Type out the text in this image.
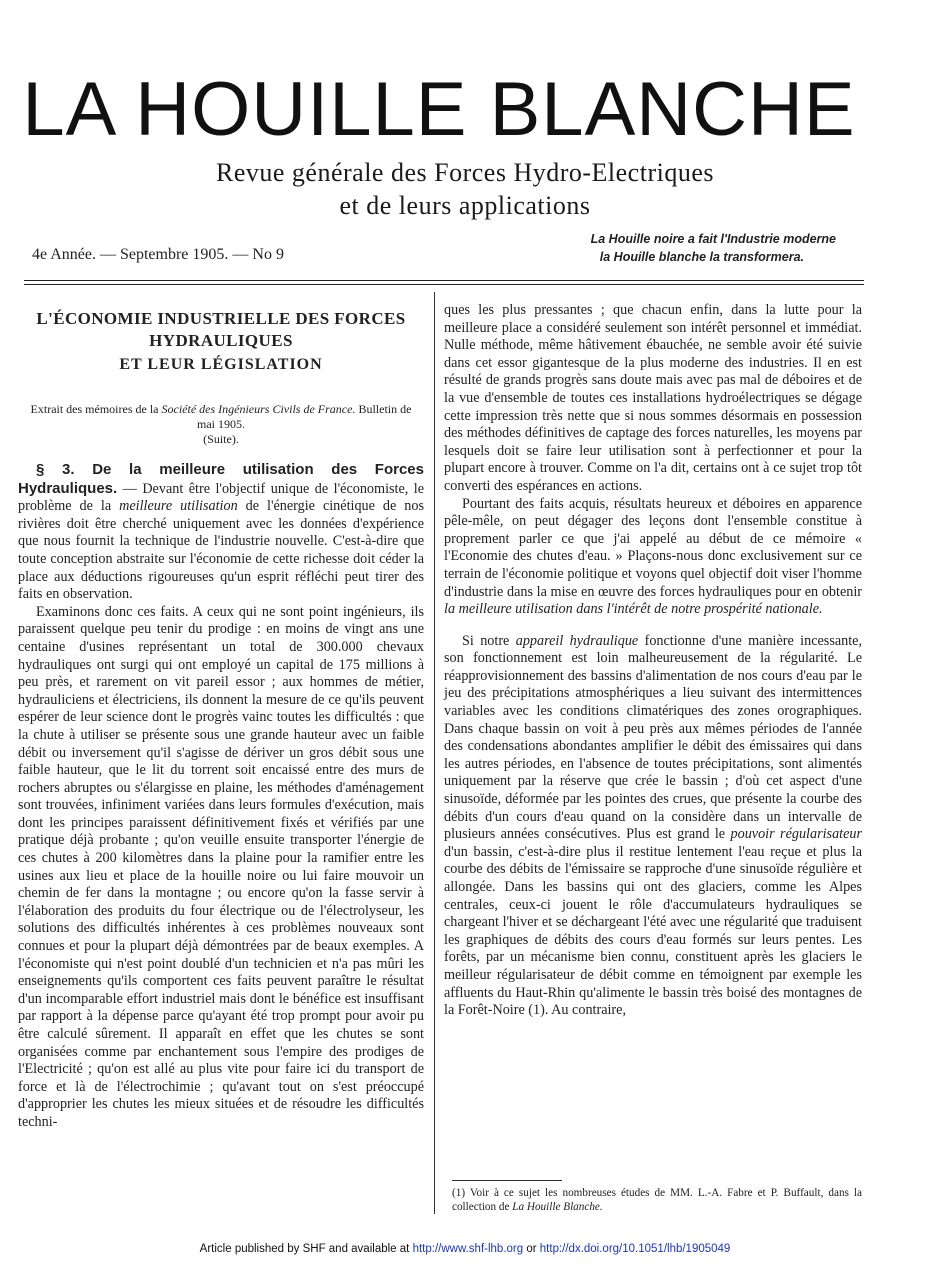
LA HOUILLE BLANCHE
Revue générale des Forces Hydro-Electriques
et de leurs applications
4e Année. — Septembre 1905. — No 9
La Houille noire a fait l'Industrie moderne
la Houille blanche la transformera.
L'ÉCONOMIE INDUSTRIELLE DES FORCES HYDRAULIQUES
ET LEUR LÉGISLATION

Extrait des mémoires de la Société des Ingénieurs Civils de France. Bulletin de mai 1905.

(Suite).

§ 3. De la meilleure utilisation des Forces Hydrauliques. — Devant être l'objectif unique de l'économiste, le problème de la meilleure utilisation de l'énergie cinétique de nos rivières doit être cherché uniquement avec les données d'expérience que nous fournit la technique de l'industrie nouvelle. C'est-à-dire que toute conception abstraite sur l'économie de cette richesse doit céder la place aux déductions rigoureuses qu'un esprit réfléchi peut tirer des faits en observation.

Examinons donc ces faits. A ceux qui ne sont point ingénieurs, ils paraissent quelque peu tenir du prodige : en moins de vingt ans une centaine d'usines représentant un total de 300.000 chevaux hydrauliques ont surgi qui ont employé un capital de 175 millions à peu près, et rarement on vit pareil essor ; aux hommes de métier, hydrauliciens et électriciens, ils donnent la mesure de ce qu'ils peuvent espérer de leur science dont le progrès vainc toutes les difficultés : que la chute à utiliser se présente sous une grande hauteur avec un faible débit ou inversement qu'il s'agisse de dériver un gros débit sous une faible hauteur, que le lit du torrent soit encaissé entre des murs de rochers abruptes ou s'élargisse en plaine, les méthodes d'aménagement sont trouvées, infiniment variées dans leurs formules d'exécution, mais dont les principes paraissent définitivement fixés et vérifiés par une pratique déjà probante ; qu'on veuille ensuite transporter l'énergie de ces chutes à 200 kilomètres dans la plaine pour la ramifier entre les usines aux lieu et place de la houille noire ou lui faire mouvoir un chemin de fer dans la montagne ; ou encore qu'on la fasse servir à l'élaboration des produits du four électrique ou de l'électrolyseur, les solutions des difficultés inhérentes à ces problèmes nouveaux sont connues et pour la plupart déjà démontrées par de beaux exemples. A l'économiste qui n'est point doublé d'un technicien et n'a pas mûri les enseignements qu'ils comportent ces faits peuvent paraître le résultat d'un incomparable effort industriel mais dont le bénéfice est insuffisant par rapport à la dépense parce qu'ayant été trop prompt pour avoir pu être calculé sûrement. Il apparaît en effet que les chutes se sont organisées comme par enchantement sous l'empire des prodiges de l'Electricité ; qu'on est allé au plus vite pour faire ici du transport de force et là de l'électrochimie ; qu'avant tout on s'est préoccupé d'approprier les chutes les mieux situées et de résoudre les difficultés techni-

ques les plus pressantes ; que chacun enfin, dans la lutte pour la meilleure place a considéré seulement son intérêt personnel et immédiat. Nulle méthode, même hâtivement ébauchée, ne semble avoir été suivie dans cet essor gigantesque de la plus moderne des industries. Il en est résulté de grands progrès sans doute mais avec pas mal de déboires et de la vue d'ensemble de toutes ces installations hydroélectriques se dégage cette impression très nette que si nous sommes désormais en possession des méthodes définitives de captage des forces naturelles, les moyens par lesquels doit se faire leur utilisation sont à perfectionner et pour la plupart encore à trouver. Comme on l'a dit, certains ont à ce sujet trop tôt converti des espérances en actions.

Pourtant des faits acquis, résultats heureux et déboires en apparence pêle-mêle, on peut dégager des leçons dont l'ensemble constitue à proprement parler ce que j'ai appelé au début de ce mémoire « l'Economie des chutes d'eau. » Plaçons-nous donc exclusivement sur ce terrain de l'économie politique et voyons quel objectif doit viser l'homme d'industrie dans la mise en œuvre des forces hydrauliques pour en obtenir la meilleure utilisation dans l'intérêt de notre prospérité nationale.

Si notre appareil hydraulique fonctionne d'une manière incessante, son fonctionnement est loin malheureusement de la régularité. Le réapprovisionnement des bassins d'alimentation de nos cours d'eau par le jeu des précipitations atmosphériques a lieu suivant des intermittences variables avec les conditions climatériques des zones orographiques. Dans chaque bassin on voit à peu près aux mêmes périodes de l'année des condensations abondantes amplifier le débit des émissaires qui dans les autres périodes, en l'absence de toutes précipitations, sont alimentés uniquement par la réserve que crée le bassin ; d'où cet aspect d'une sinusoïde, déformée par les pointes des crues, que présente la courbe des débits d'un cours d'eau quand on la considère dans un intervalle de plusieurs années consécutives. Plus est grand le pouvoir régularisateur d'un bassin, c'est-à-dire plus il restitue lentement l'eau reçue et plus la courbe des débits de l'émissaire se rapproche d'une sinusoïde régulière et allongée. Dans les bassins qui ont des glaciers, comme les Alpes centrales, ceux-ci jouent le rôle d'accumulateurs hydrauliques se chargeant l'hiver et se déchargeant l'été avec une régularité que traduisent les graphiques de débits des cours d'eau formés sur leurs pentes. Les forêts, par un mécanisme bien connu, constituent après les glaciers le meilleur régularisateur de débit comme en témoignent par exemple les affluents du Haut-Rhin qu'alimente le bassin très boisé des montagnes de la Forêt-Noire (1). Au contraire,

(1) Voir à ce sujet les nombreuses études de MM. L.-A. Fabre et P. Buffault, dans la collection de La Houille Blanche.
Article published by SHF and available at http://www.shf-lhb.org or http://dx.doi.org/10.1051/lhb/1905049
